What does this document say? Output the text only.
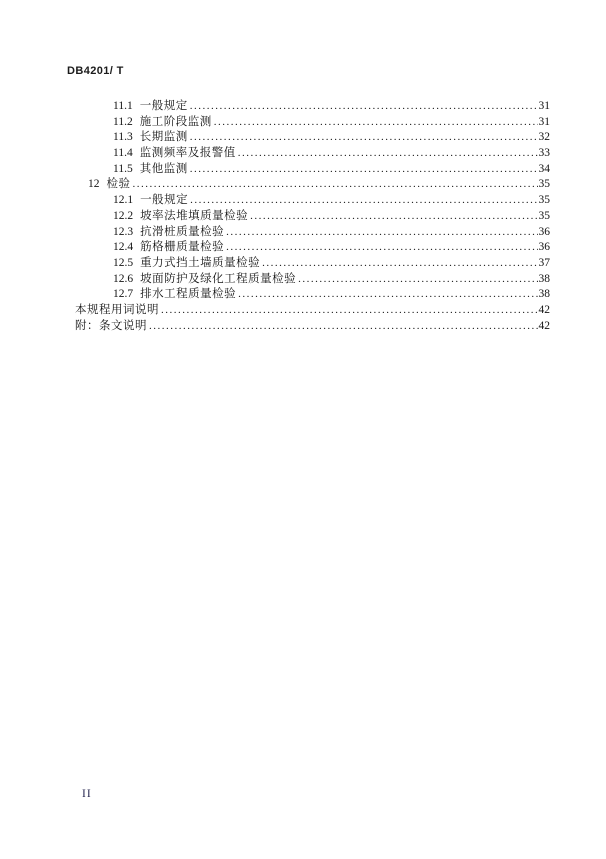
DB4201/ T
11.1 一般规定 .....	31
11.2 施工阶段监测 .....	31
11.3 长期监测 .....	32
11.4 监测频率及报警值 .....	33
11.5 其他监测 .....	34
12 检验 .....	35
12.1 一般规定 .....	35
12.2 坡率法堆填质量检验 .....	35
12.3 抗滑桩质量检验 .....	36
12.4 筋格栅质量检验 .....	36
12.5 重力式挡土墙质量检验 .....	37
12.6 坡面防护及绿化工程质量检验 .....	38
12.7 排水工程质量检验 .....	38
本规程用词说明 .....	42
附：条文说明 .....	42
II
